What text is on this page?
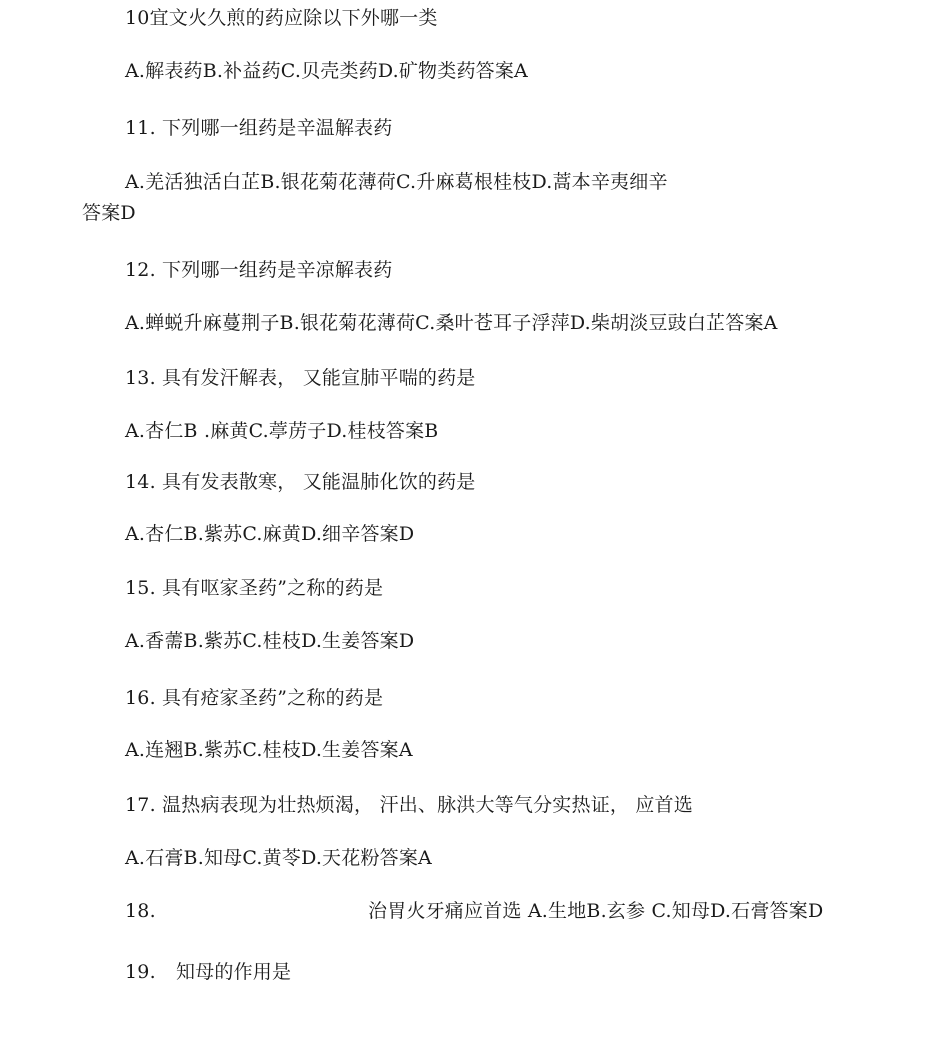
10宜文火久煎的药应除以下外哪一类
A.解表药B.补益药C.贝壳类药D.矿物类药答案A
11. 下列哪一组药是辛温解表药
A.羌活独活白芷B.银花菊花薄荷C.升麻葛根桂枝D.蒿本辛夷细辛
答案D
12. 下列哪一组药是辛凉解表药
A.蝉蜕升麻蔓荆子B.银花菊花薄荷C.桑叶苍耳子浮萍D.柴胡淡豆豉白芷答案A
13. 具有发汗解表， 又能宣肺平喘的药是
A.杏仁B .麻黄C.葶苈子D.桂枝答案B
14. 具有发表散寒， 又能温肺化饮的药是
A.杏仁B.紫苏C.麻黄D.细辛答案D
15. 具有呕家圣药”之称的药是
A.香薷B.紫苏C.桂枝D.生姜答案D
16. 具有疮家圣药”之称的药是
A.连翘B.紫苏C.桂枝D.生姜答案A
17. 温热病表现为壮热烦渴， 汗出、脉洪大等气分实热证， 应首选
A.石膏B.知母C.黄苓D.天花粉答案A
18.	治胃火牙痛应首选 A.生地B.玄参 C.知母D.石膏答案D
19. 知母的作用是
